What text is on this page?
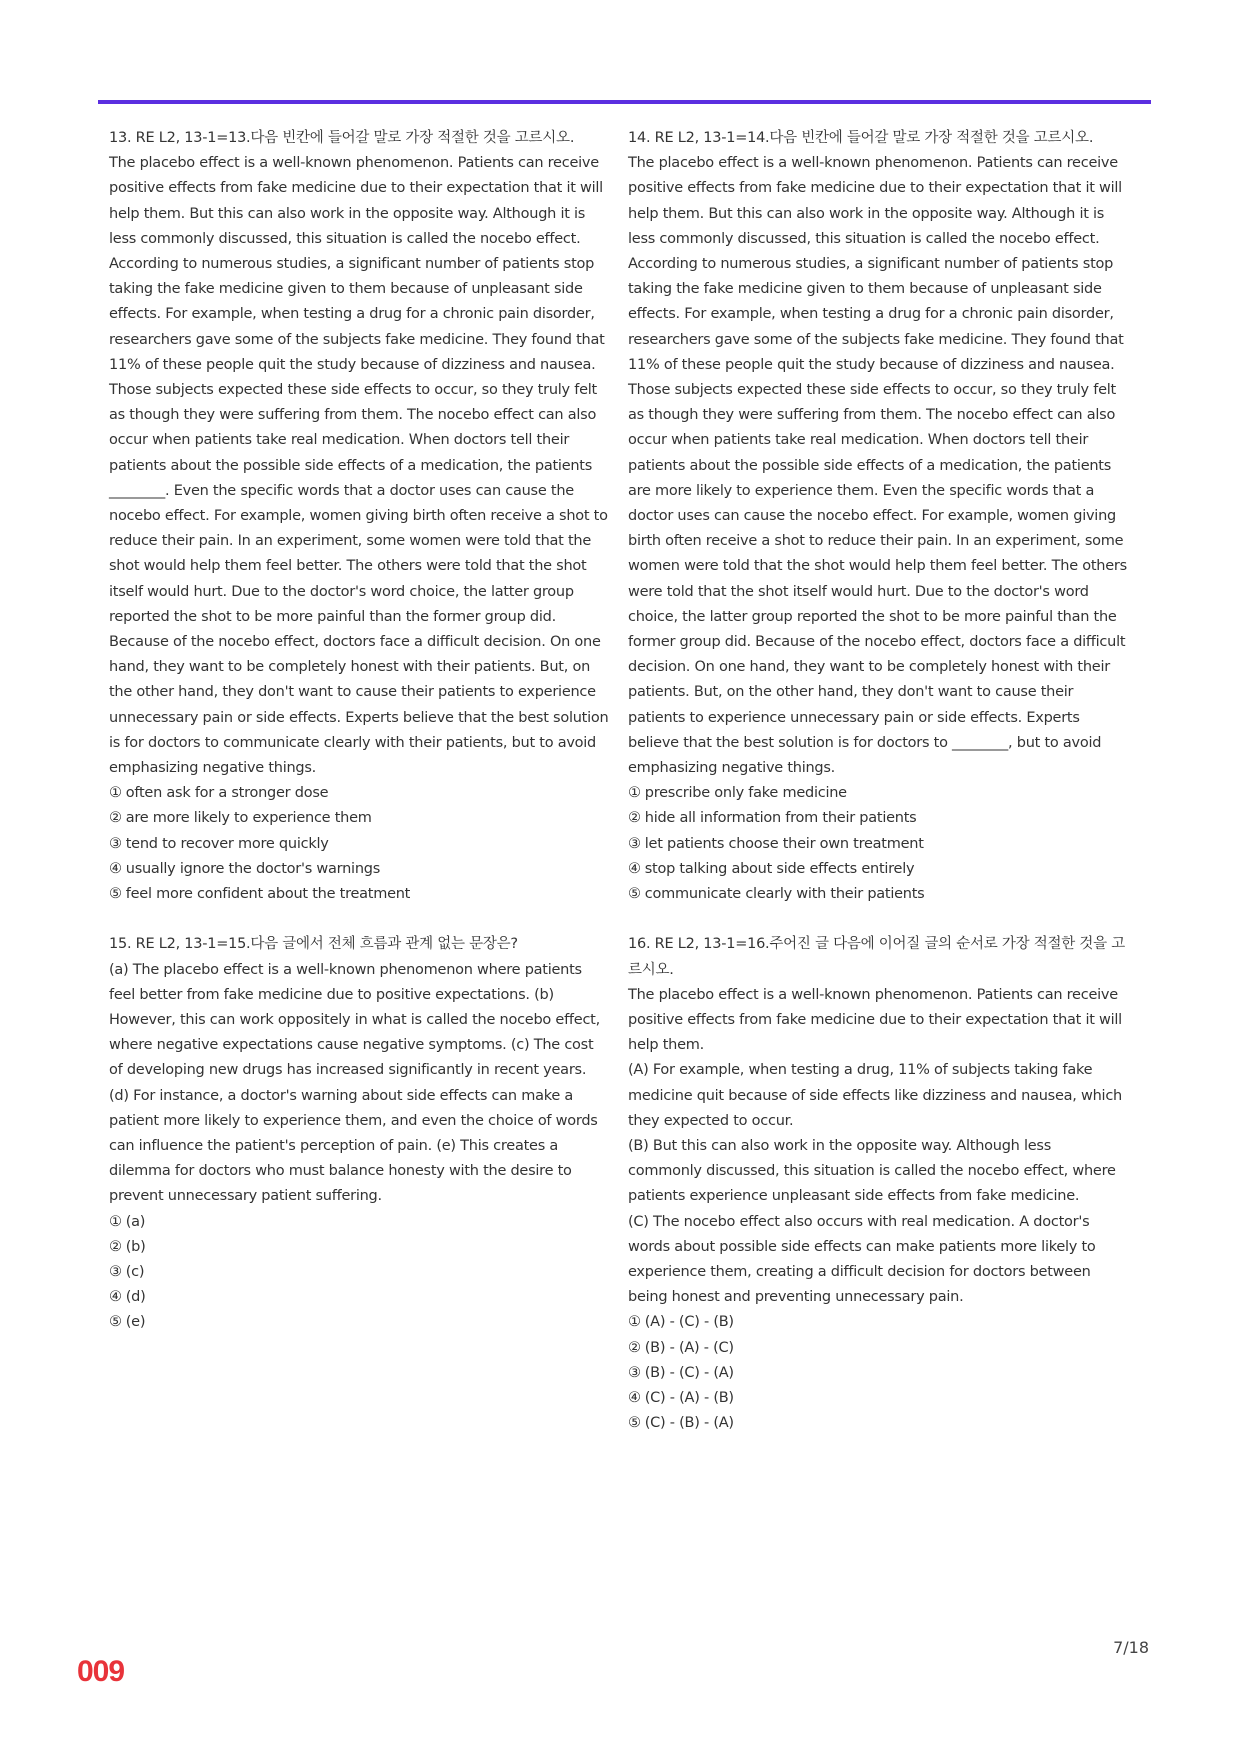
13. RE L2, 13-1=13.다음 빈칸에 들어갈 말로 가장 적절한 것을 고르시오.
The placebo effect is a well-known phenomenon. Patients can receive positive effects from fake medicine due to their expectation that it will help them. But this can also work in the opposite way. Although it is less commonly discussed, this situation is called the nocebo effect. According to numerous studies, a significant number of patients stop taking the fake medicine given to them because of unpleasant side effects. For example, when testing a drug for a chronic pain disorder, researchers gave some of the subjects fake medicine. They found that 11% of these people quit the study because of dizziness and nausea. Those subjects expected these side effects to occur, so they truly felt as though they were suffering from them. The nocebo effect can also occur when patients take real medication. When doctors tell their patients about the possible side effects of a medication, the patients ________. Even the specific words that a doctor uses can cause the nocebo effect. For example, women giving birth often receive a shot to reduce their pain. In an experiment, some women were told that the shot would help them feel better. The others were told that the shot itself would hurt. Due to the doctor's word choice, the latter group reported the shot to be more painful than the former group did. Because of the nocebo effect, doctors face a difficult decision. On one hand, they want to be completely honest with their patients. But, on the other hand, they don't want to cause their patients to experience unnecessary pain or side effects. Experts believe that the best solution is for doctors to communicate clearly with their patients, but to avoid emphasizing negative things.
① often ask for a stronger dose
② are more likely to experience them
③ tend to recover more quickly
④ usually ignore the doctor's warnings
⑤ feel more confident about the treatment
15. RE L2, 13-1=15.다음 글에서 전체 흐름과 관계 없는 문장은?
(a) The placebo effect is a well-known phenomenon where patients feel better from fake medicine due to positive expectations. (b) However, this can work oppositely in what is called the nocebo effect, where negative expectations cause negative symptoms. (c) The cost of developing new drugs has increased significantly in recent years. (d) For instance, a doctor's warning about side effects can make a patient more likely to experience them, and even the choice of words can influence the patient's perception of pain. (e) This creates a dilemma for doctors who must balance honesty with the desire to prevent unnecessary patient suffering.
① (a)
② (b)
③ (c)
④ (d)
⑤ (e)
14. RE L2, 13-1=14.다음 빈칸에 들어갈 말로 가장 적절한 것을 고르시오.
The placebo effect is a well-known phenomenon. Patients can receive positive effects from fake medicine due to their expectation that it will help them. But this can also work in the opposite way. Although it is less commonly discussed, this situation is called the nocebo effect. According to numerous studies, a significant number of patients stop taking the fake medicine given to them because of unpleasant side effects. For example, when testing a drug for a chronic pain disorder, researchers gave some of the subjects fake medicine. They found that 11% of these people quit the study because of dizziness and nausea. Those subjects expected these side effects to occur, so they truly felt as though they were suffering from them. The nocebo effect can also occur when patients take real medication. When doctors tell their patients about the possible side effects of a medication, the patients are more likely to experience them. Even the specific words that a doctor uses can cause the nocebo effect. For example, women giving birth often receive a shot to reduce their pain. In an experiment, some women were told that the shot would help them feel better. The others were told that the shot itself would hurt. Due to the doctor's word choice, the latter group reported the shot to be more painful than the former group did. Because of the nocebo effect, doctors face a difficult decision. On one hand, they want to be completely honest with their patients. But, on the other hand, they don't want to cause their patients to experience unnecessary pain or side effects. Experts believe that the best solution is for doctors to ________, but to avoid emphasizing negative things.
① prescribe only fake medicine
② hide all information from their patients
③ let patients choose their own treatment
④ stop talking about side effects entirely
⑤ communicate clearly with their patients
16. RE L2, 13-1=16.주어진 글 다음에 이어질 글의 순서로 가장 적절한 것을 고르시오.
The placebo effect is a well-known phenomenon. Patients can receive positive effects from fake medicine due to their expectation that it will help them.
(A) For example, when testing a drug, 11% of subjects taking fake medicine quit because of side effects like dizziness and nausea, which they expected to occur.
(B) But this can also work in the opposite way. Although less commonly discussed, this situation is called the nocebo effect, where patients experience unpleasant side effects from fake medicine.
(C) The nocebo effect also occurs with real medication. A doctor's words about possible side effects can make patients more likely to experience them, creating a difficult decision for doctors between being honest and preventing unnecessary pain.
① (A) - (C) - (B)
② (B) - (A) - (C)
③ (B) - (C) - (A)
④ (C) - (A) - (B)
⑤ (C) - (B) - (A)
7/18
009
